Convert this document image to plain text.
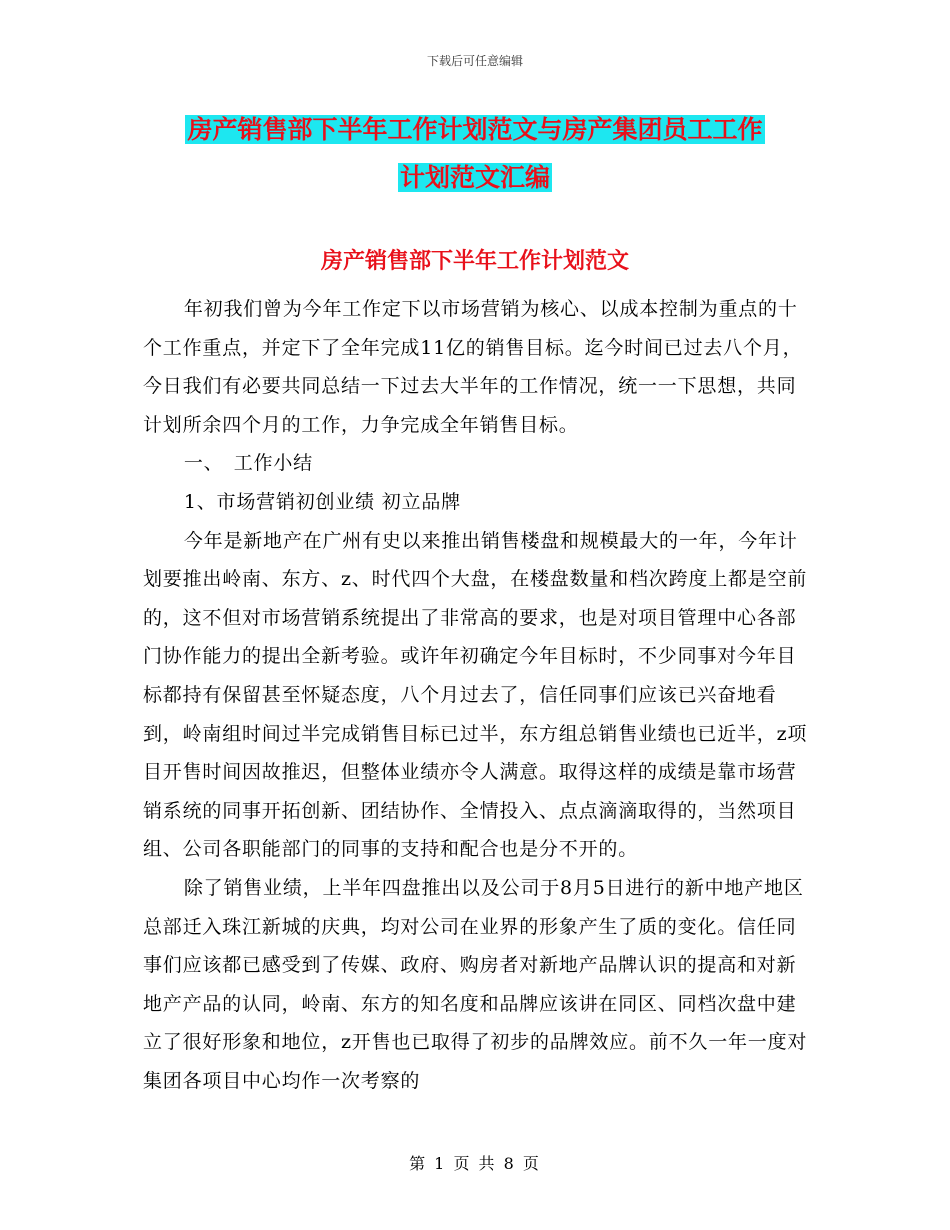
下载后可任意编辑
房产销售部下半年工作计划范文与房产集团员工工作
计划范文汇编
房产销售部下半年工作计划范文

年初我们曾为今年工作定下以市场营销为核心、以成本控制为重点的十个工作重点，并定下了全年完成11亿的销售目标。迄今时间已过去八个月，今日我们有必要共同总结一下过去大半年的工作情况，统一一下思想，共同计划所余四个月的工作，力争完成全年销售目标。

一、　工作小结

1、市场营销初创业绩 初立品牌

今年是新地产在广州有史以来推出销售楼盘和规模最大的一年，今年计划要推出岭南、东方、z、时代四个大盘，在楼盘数量和档次跨度上都是空前的，这不但对市场营销系统提出了非常高的要求，也是对项目管理中心各部门协作能力的提出全新考验。或许年初确定今年目标时，不少同事对今年目标都持有保留甚至怀疑态度，八个月过去了，信任同事们应该已兴奋地看到，岭南组时间过半完成销售目标已过半，东方组总销售业绩也已近半，z项目开售时间因故推迟，但整体业绩亦令人满意。取得这样的成绩是靠市场营销系统的同事开拓创新、团结协作、全情投入、点点滴滴取得的，当然项目组、公司各职能部门的同事的支持和配合也是分不开的。

除了销售业绩，上半年四盘推出以及公司于8月5日进行的新中地产地区总部迁入珠江新城的庆典，均对公司在业界的形象产生了质的变化。信任同事们应该都已感受到了传媒、政府、购房者对新地产品牌认识的提高和对新地产产品的认同，岭南、东方的知名度和品牌应该讲在同区、同档次盘中建立了很好形象和地位，z开售也已取得了初步的品牌效应。前不久一年一度对集团各项目中心均作一次考察的

第 1 页 共 8 页
